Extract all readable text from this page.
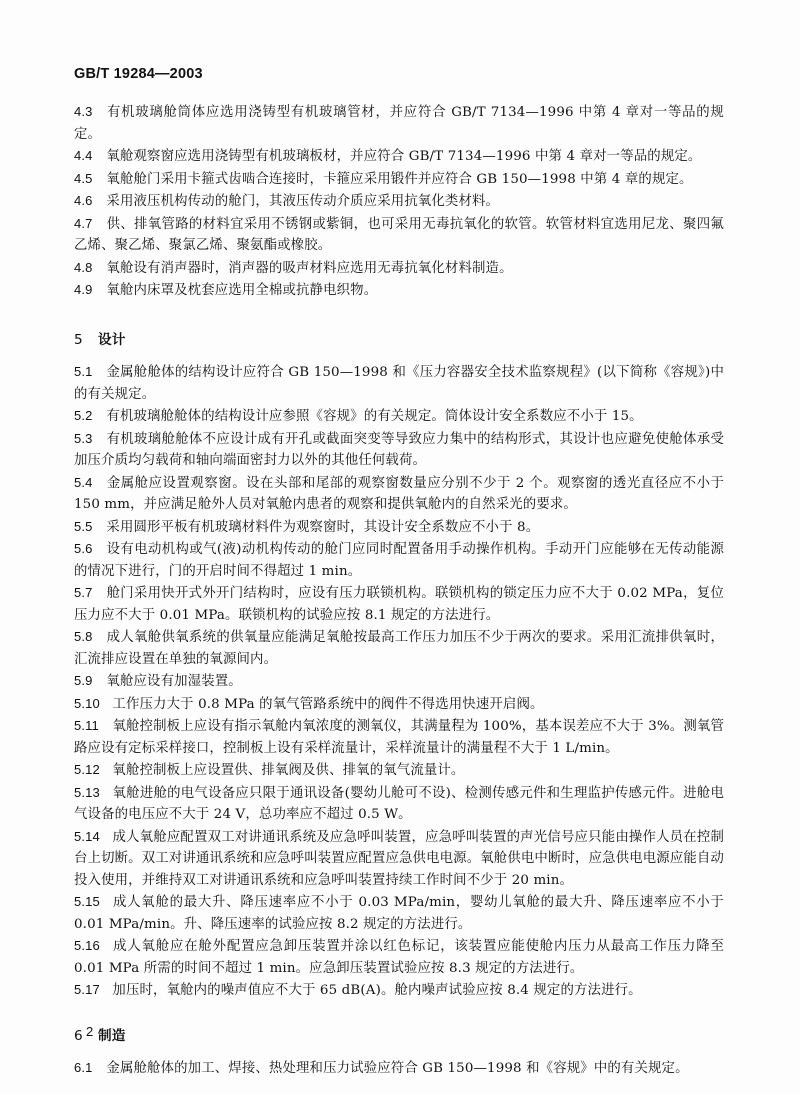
GB/T 19284—2003

4.3 有机玻璃舱筒体应选用浇铸型有机玻璃管材，并应符合 GB/T 7134—1996 中第 4 章对一等品的规定。

4.4 氧舱观察窗应选用浇铸型有机玻璃板材，并应符合 GB/T 7134—1996 中第 4 章对一等品的规定。

4.5 氧舱舱门采用卡箍式齿啮合连接时，卡箍应采用锻件并应符合 GB 150—1998 中第 4 章的规定。

4.6 采用液压机构传动的舱门，其液压传动介质应采用抗氧化类材料。

4.7 供、排氧管路的材料宜采用不锈钢或紫铜，也可采用无毒抗氧化的软管。软管材料宜选用尼龙、聚四氟乙烯、聚乙烯、聚氯乙烯、聚氨酯或橡胶。

4.8 氧舱设有消声器时，消声器的吸声材料应选用无毒抗氧化材料制造。

4.9 氧舱内床罩及枕套应选用全棉或抗静电织物。

5 设计

5.1 金属舱舱体的结构设计应符合 GB 150—1998 和《压力容器安全技术监察规程》(以下简称《容规》)中的有关规定。

5.2 有机玻璃舱舱体的结构设计应参照《容规》的有关规定。筒体设计安全系数应不小于 15。

5.3 有机玻璃舱舱体不应设计成有开孔或截面突变等导致应力集中的结构形式，其设计也应避免使舱体承受加压介质均匀载荷和轴向端面密封力以外的其他任何载荷。

5.4 金属舱应设置观察窗。设在头部和尾部的观察窗数量应分别不少于 2 个。观察窗的透光直径应不小于 150 mm，并应满足舱外人员对氧舱内患者的观察和提供氧舱内的自然采光的要求。

5.5 采用圆形平板有机玻璃材料件为观察窗时，其设计安全系数应不小于 8。

5.6 设有电动机构或气(液)动机构传动的舱门应同时配置备用手动操作机构。手动开门应能够在无传动能源的情况下进行，门的开启时间不得超过 1 min。

5.7 舱门采用快开式外开门结构时，应设有压力联锁机构。联锁机构的锁定压力应不大于 0.02 MPa，复位压力应不大于 0.01 MPa。联锁机构的试验应按 8.1 规定的方法进行。

5.8 成人氧舱供氧系统的供氧量应能满足氧舱按最高工作压力加压不少于两次的要求。采用汇流排供氧时，汇流排应设置在单独的氧源间内。

5.9 氧舱应设有加湿装置。

5.10 工作压力大于 0.8 MPa 的氧气管路系统中的阀件不得选用快速开启阀。

5.11 氧舱控制板上应设有指示氧舱内氧浓度的测氧仪，其满量程为 100%，基本误差应不大于 3%。测氧管路应设有定标采样接口，控制板上设有采样流量计，采样流量计的满量程不大于 1 L/min。

5.12 氧舱控制板上应设置供、排氧阀及供、排氧的氧气流量计。

5.13 氧舱进舱的电气设备应只限于通讯设备(婴幼儿舱可不设)、检测传感元件和生理监护传感元件。进舱电气设备的电压应不大于 24 V，总功率应不超过 0.5 W。

5.14 成人氧舱应配置双工对讲通讯系统及应急呼叫装置，应急呼叫装置的声光信号应只能由操作人员在控制台上切断。双工对讲通讯系统和应急呼叫装置应配置应急供电电源。氧舱供电中断时，应急供电电源应能自动投入使用，并维持双工对讲通讯系统和应急呼叫装置持续工作时间不少于 20 min。

5.15 成人氧舱的最大升、降压速率应不小于 0.03 MPa/min，婴幼儿氧舱的最大升、降压速率应不小于 0.01 MPa/min。升、降压速率的试验应按 8.2 规定的方法进行。

5.16 成人氧舱应在舱外配置应急卸压装置并涂以红色标记，该装置应能使舱内压力从最高工作压力降至 0.01 MPa 所需的时间不超过 1 min。应急卸压装置试验应按 8.3 规定的方法进行。

5.17 加压时，氧舱内的噪声值应不大于 65 dB(A)。舱内噪声试验应按 8.4 规定的方法进行。

6 制造

6.1 金属舱舱体的加工、焊接、热处理和压力试验应符合 GB 150—1998 和《容规》中的有关规定。

2
